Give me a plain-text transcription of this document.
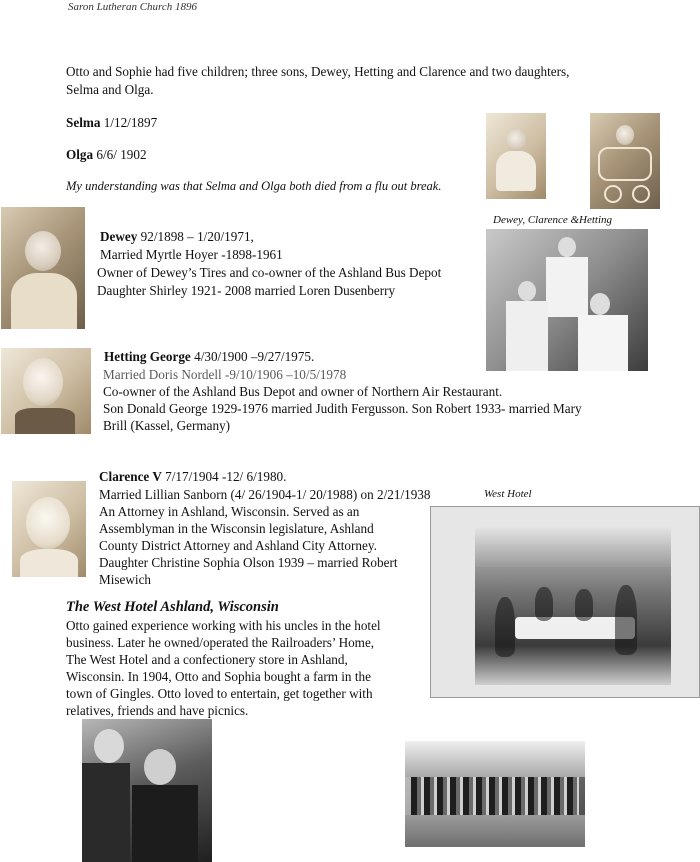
Saron Lutheran Church 1896
Otto and Sophie had five children; three sons, Dewey, Hetting and Clarence and two daughters,
Selma and Olga.
Selma 1/12/1897
Olga 6/6/ 1902
My understanding was that Selma and Olga both died from a flu out break.
Dewey, Clarence &Hetting
Dewey 92/1898 – 1/20/1971,
Married Myrtle Hoyer -1898-1961
Owner of Dewey’s Tires and co-owner of the Ashland Bus Depot
Daughter Shirley 1921- 2008 married Loren Dusenberry
Hetting George 4/30/1900 –9/27/1975.
Married Doris Nordell -9/10/1906 –10/5/1978
Co-owner of the Ashland Bus Depot and owner of Northern Air Restaurant.
Son Donald George 1929-1976 married Judith Fergusson. Son Robert 1933- married Mary
Brill (Kassel, Germany)
Clarence V 7/17/1904 -12/ 6/1980.
Married Lillian Sanborn (4/ 26/1904-1/ 20/1988) on 2/21/1938
An Attorney in Ashland, Wisconsin. Served as an
Assemblyman in the Wisconsin legislature, Ashland
County District Attorney and Ashland City Attorney.
Daughter Christine Sophia Olson 1939 – married Robert
Misewich
West Hotel
The West Hotel Ashland, Wisconsin
Otto gained experience working with his uncles in the hotel
business. Later he owned/operated the Railroaders’ Home,
The West Hotel and a confectionery store in Ashland,
Wisconsin. In 1904, Otto and Sophia bought a farm in the
town of Gingles. Otto loved to entertain, get together with
relatives, friends and have picnics.
